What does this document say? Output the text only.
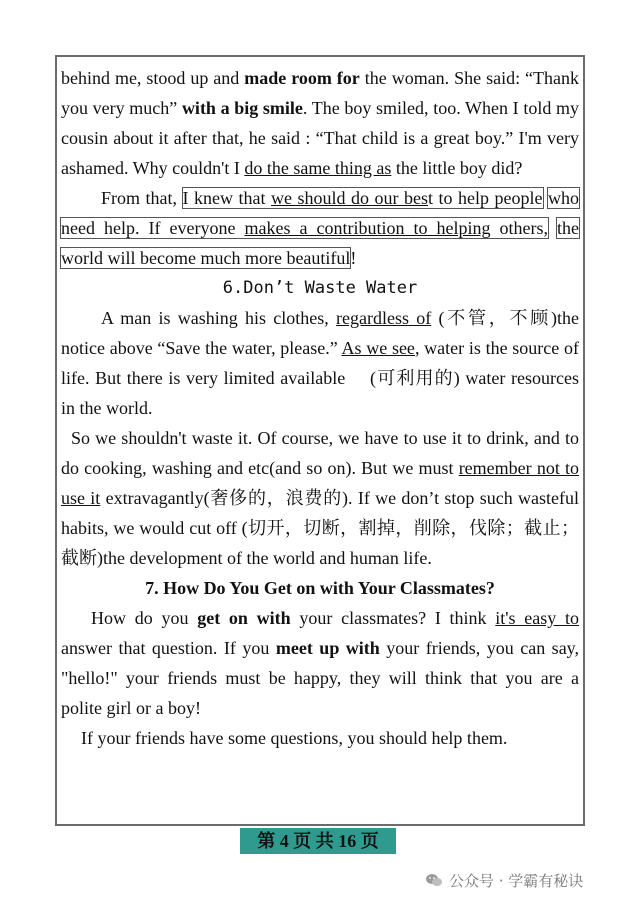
behind me, stood up and made room for the woman. She said: “Thank you very much” with a big smile. The boy smiled, too. When I told my cousin about it after that, he said : “That child is a great boy.” I'm very ashamed. Why couldn't I do the same thing as the little boy did?

From that, I knew that we should do our best to help people who need help. If everyone makes a contribution to helping others, the world will become much more beautiful!

6.Don’t Waste Water

A man is washing his clothes, regardless of (不管，不顾)the notice above “Save the water, please.” As we see, water is the source of life. But there is very limited available 　(可利用的) water resources in the world.

So we shouldn't waste it. Of course, we have to use it to drink, and to do cooking, washing and etc(and so on). But we must remember not to use it extravagantly(奢侈的，浪费的). If we don’t stop such wasteful habits, we would cut off (切开，切断，割掉，削除，伐除；截止；截断)the development of the world and human life.

7. How Do You Get on with Your Classmates?

How do you get on with your classmates? I think it's easy to answer that question. If you meet up with your friends, you can say, "hello!" your friends must be happy, they will think that you are a polite girl or a boy!

If your friends have some questions, you should help them.

第 4 页 共 16 页
公众号 · 学霸有秘诀
